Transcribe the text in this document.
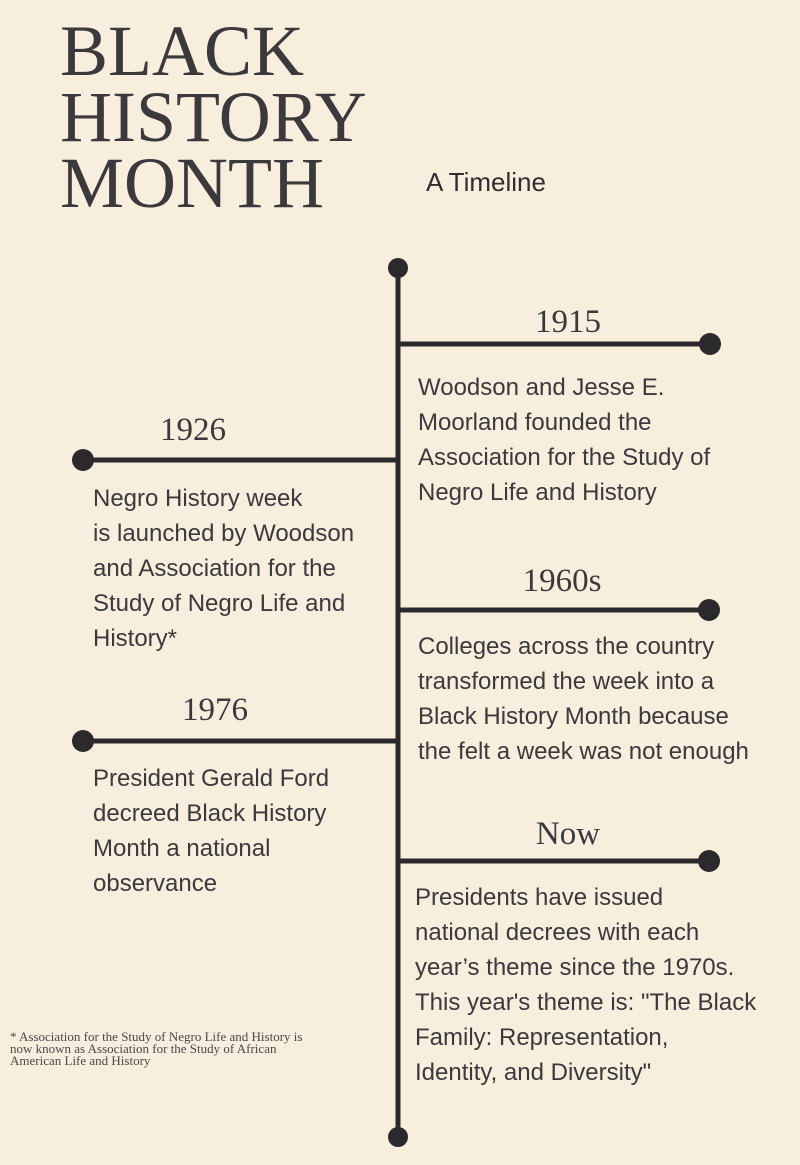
BLACK
HISTORY
MONTH	A Timeline
1915
Woodson and Jesse E.
Moorland founded the
Association for the Study of
Negro Life and History
1926
Negro History week
is launched by Woodson
and Association for the
Study of Negro Life and
History*
1960s
Colleges across the country
transformed the week into a
Black History Month because
the felt a week was not enough
1976
President Gerald Ford
decreed Black History
Month a national
observance
Now
Presidents have issued
national decrees with each
year’s theme since the 1970s.
This year's theme is: "The Black
Family: Representation,
Identity, and Diversity"
* Association for the Study of Negro Life and History is
now known as Association for the Study of African
American Life and History
